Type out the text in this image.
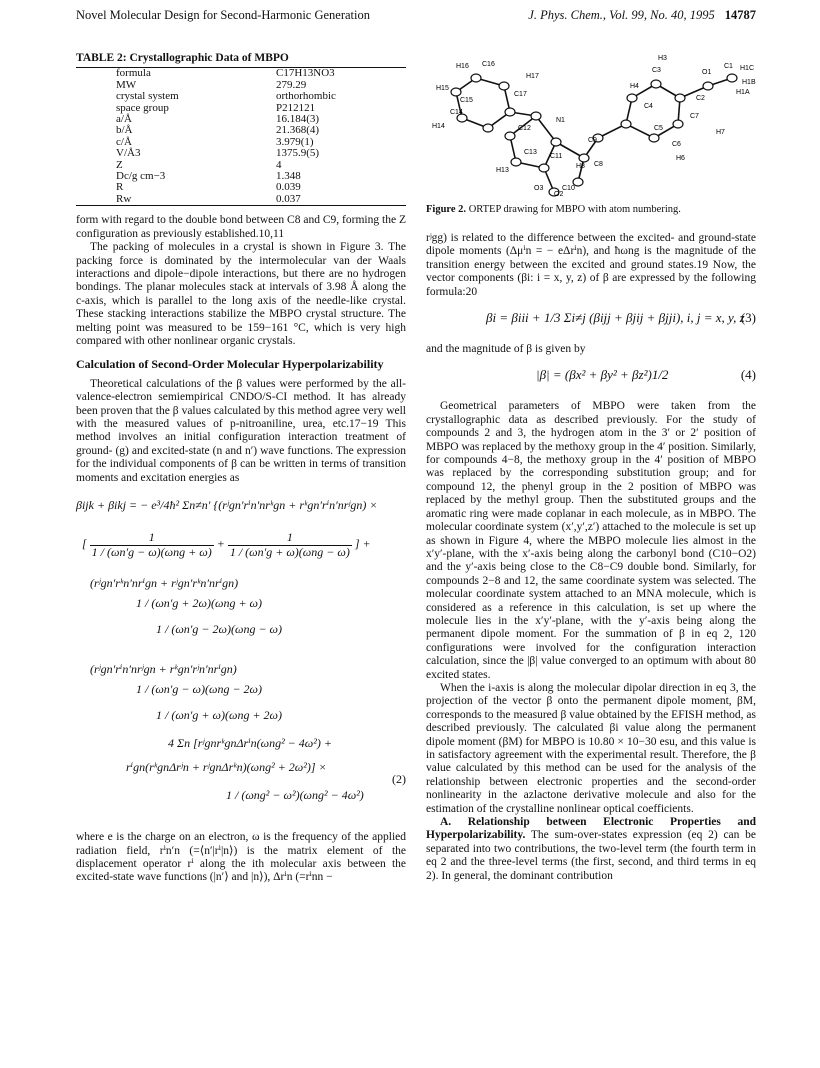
Novel Molecular Design for Second-Harmonic Generation	J. Phys. Chem., Vol. 99, No. 40, 1995 14787
TABLE 2: Crystallographic Data of MBPO
formula	C17H13NO3
MW	279.29
crystal system	orthorhombic
space group	P212121
a/Å	16.184(3)
b/Å	21.368(4)
c/Å	3.979(1)
V/Å3	1375.9(5)
Z	4
Dc/g cm−3	1.348
R	0.039
Rw	0.037

form with regard to the double bond between C8 and C9, forming the Z configuration as previously established.10,11

The packing of molecules in a crystal is shown in Figure 3. The packing force is dominated by the intermolecular van der Waals interactions and dipole−dipole interactions, but there are no hydrogen bondings. The planar molecules stack at intervals of 3.98 Å along the c-axis, which is parallel to the long axis of the needle-like crystal. These stacking interactions stabilize the MBPO crystal structure. The melting point was measured to be 159−161 °C, which is very high compared with other nonlinear organic crystals.

Calculation of Second-Order Molecular Hyperpolarizability

Theoretical calculations of the β values were performed by the all-valence-electron semiempirical CNDO/S-CI method. It has already been proven that the β values calculated by this method agree very well with the measured values of p-nitroaniline, urea, etc.17−19 This method involves an initial configuration interaction treatment of ground- (g) and excited-state (n and n′) wave functions. The expression for the individual components of β can be written in terms of transition moments and excitation energies as

βijk + βikj = − e³/4ħ² Σn≠n′ {(rʲgn′rⁱn′nrᵏgn + rᵏgn′rⁱn′nrʲgn) ×
[ $\frac{1}{\text{1 / (ωn′g − ω)(ωng + ω)}} + \frac{1}{\text{1 / (ωn′g + ω)(ωng − ω)}}$ ] +
(rʲgn′rᵏn′nrⁱgn + rʲgn′rᵏn′nrⁱgn)
1 / (ωn′g + 2ω)(ωng + ω)
1 / (ωn′g − 2ω)(ωng − ω)
(rʲgn′rⁱn′nrʲgn + rᵏgn′rʲn′nrⁱgn)
1 / (ωn′g − ω)(ωng − 2ω)
1 / (ωn′g + ω)(ωng + 2ω)
4 Σn [rʲgnrᵏgnΔrⁱn(ωng² − 4ω²) +
rⁱgn(rᵏgnΔrʲn + rʲgnΔrᵏn)(ωng² + 2ω²)] ×
1 / (ωng² − ω²)(ωng² − 4ω²)
(2)

where e is the charge on an electron, ω is the frequency of the applied radiation field, rⁱn′n (=⟨n′|rⁱ|n⟩) is the matrix element of the displacement operator rⁱ along the ith molecular axis between the excited-state wave functions (|n′⟩ and |n⟩), Δrⁱn (=rⁱnn −

H16 C16
H17
H15
C15
C17
C14
C12
N1
H14
C13
C11
C9
H13
O3	C10
O2
C8
H8
C5
C6
H6
H7
C7
C4
H4
C3
H3
C2
O1
C1 H1C
H1B
H1A
Figure 2. ORTEP drawing for MBPO with atom numbering.

rʲgg) is related to the difference between the excited- and ground-state dipole moments (Δμⁱn = − eΔrⁱn), and ħωng is the magnitude of the transition energy between the excited and ground states.19 Now, the vector components (βi: i = x, y, z) of β are expressed by the following formula:20

βi = βiii + 1/3 Σi≠j (βijj + βjij + βjji), i, j = x, y, z
(3)

and the magnitude of β is given by

|β| = (βx² + βy² + βz²)1/2	(4)

Geometrical parameters of MBPO were taken from the crystallographic data as described previously. For the study of compounds 2 and 3, the hydrogen atom in the 3′ or 2′ position of MBPO was replaced by the methoxy group in the 4′ position. Similarly, for compounds 4−8, the methoxy group in the 4′ position of MBPO was replaced by the corresponding substitution group; and for compound 12, the phenyl group in the 2 position of MBPO was replaced by the methyl group. Then the substituted groups and the aromatic ring were made coplanar in each molecule, as in MBPO. The molecular coordinate system (x′,y′,z′) attached to the molecule is set up as shown in Figure 4, where the MBPO molecule lies almost in the x′y′-plane, with the x′-axis being along the carbonyl bond (C10−O2) and the y′-axis being close to the C8−C9 double bond. Similarly, for compounds 2−8 and 12, the same coordinate system was selected. The molecular coordinate system attached to an MNA molecule, which is considered as a reference in this calculation, is set up where the molecule lies in the x′y′-plane, with the y′-axis being along the permanent dipole moment. For the summation of β in eq 2, 120 configurations were involved for the configuration interaction calculation, since the |β| value converged to an optimum with about 80 excited states.

When the i-axis is along the molecular dipolar direction in eq 3, the projection of the vector β onto the permanent dipole moment, βM, corresponds to the measured β value obtained by the EFISH method, as described previously. The calculated βi value along the permanent dipole moment (βM) for MBPO is 10.80 × 10−30 esu, and this value is in satisfactory agreement with the experimental result. Therefore, the β value calculated by this method can be used for the analysis of the relationship between electronic properties and the second-order nonlinearity in the azlactone derivative molecule and also for the estimation of the crystalline nonlinear optical coefficients.

A. Relationship between Electronic Properties and Hyperpolarizability. The sum-over-states expression (eq 2) can be separated into two contributions, the two-level term (the fourth term in eq 2 and the three-level terms (the first, second, and third terms in eq 2). In general, the dominant contribution
